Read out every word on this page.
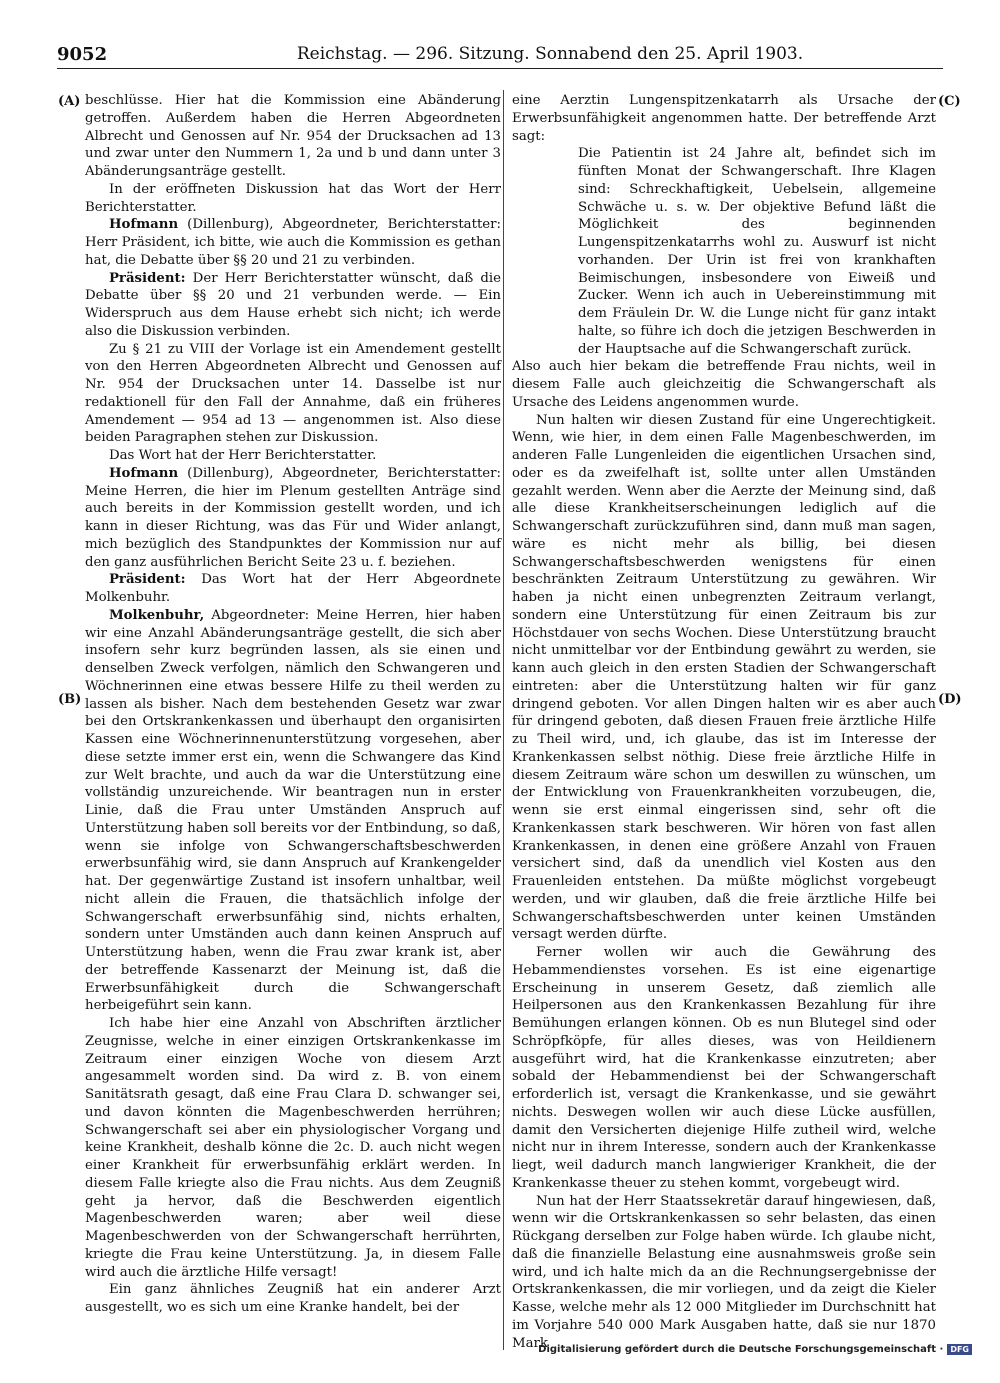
9052	Reichstag. — 296. Sitzung. Sonnabend den 25. April 1903.
(A)	(C)
(B)	(D)

beschlüsse. Hier hat die Kommission eine Abänderung getroffen. Außerdem haben die Herren Abgeordneten Albrecht und Genossen auf Nr. 954 der Drucksachen ad 13 und zwar unter den Nummern 1, 2a und b und dann unter 3 Abänderungsanträge gestellt.

In der eröffneten Diskussion hat das Wort der Herr Berichterstatter.

Hofmann (Dillenburg), Abgeordneter, Berichterstatter: Herr Präsident, ich bitte, wie auch die Kommission es gethan hat, die Debatte über §§ 20 und 21 zu verbinden.

Präsident: Der Herr Berichterstatter wünscht, daß die Debatte über §§ 20 und 21 verbunden werde. — Ein Widerspruch aus dem Hause erhebt sich nicht; ich werde also die Diskussion verbinden.

Zu § 21 zu VIII der Vorlage ist ein Amendement gestellt von den Herren Abgeordneten Albrecht und Genossen auf Nr. 954 der Drucksachen unter 14. Dasselbe ist nur redaktionell für den Fall der Annahme, daß ein früheres Amendement — 954 ad 13 — angenommen ist. Also diese beiden Paragraphen stehen zur Diskussion.

Das Wort hat der Herr Berichterstatter.

Hofmann (Dillenburg), Abgeordneter, Berichterstatter: Meine Herren, die hier im Plenum gestellten Anträge sind auch bereits in der Kommission gestellt worden, und ich kann in dieser Richtung, was das Für und Wider anlangt, mich bezüglich des Standpunktes der Kommission nur auf den ganz ausführlichen Bericht Seite 23 u. f. beziehen.

Präsident: Das Wort hat der Herr Abgeordnete Molkenbuhr.

Molkenbuhr, Abgeordneter: Meine Herren, hier haben wir eine Anzahl Abänderungsanträge gestellt, die sich aber insofern sehr kurz begründen lassen, als sie einen und denselben Zweck verfolgen, nämlich den Schwangeren und Wöchnerinnen eine etwas bessere Hilfe zu theil werden zu lassen als bisher. Nach dem bestehenden Gesetz war zwar bei den Ortskrankenkassen und überhaupt den organisirten Kassen eine Wöchnerinnenunterstützung vorgesehen, aber diese setzte immer erst ein, wenn die Schwangere das Kind zur Welt brachte, und auch da war die Unterstützung eine vollständig unzureichende. Wir beantragen nun in erster Linie, daß die Frau unter Umständen Anspruch auf Unterstützung haben soll bereits vor der Entbindung, so daß, wenn sie infolge von Schwangerschaftsbeschwerden erwerbsunfähig wird, sie dann Anspruch auf Krankengelder hat. Der gegenwärtige Zustand ist insofern unhaltbar, weil nicht allein die Frauen, die thatsächlich infolge der Schwangerschaft erwerbsunfähig sind, nichts erhalten, sondern unter Umständen auch dann keinen Anspruch auf Unterstützung haben, wenn die Frau zwar krank ist, aber der betreffende Kassenarzt der Meinung ist, daß die Erwerbsunfähigkeit durch die Schwangerschaft herbeigeführt sein kann.

Ich habe hier eine Anzahl von Abschriften ärztlicher Zeugnisse, welche in einer einzigen Ortskrankenkasse im Zeitraum einer einzigen Woche von diesem Arzt angesammelt worden sind. Da wird z. B. von einem Sanitätsrath gesagt, daß eine Frau Clara D. schwanger sei, und davon könnten die Magenbeschwerden herrühren; Schwangerschaft sei aber ein physiologischer Vorgang und keine Krankheit, deshalb könne die 2c. D. auch nicht wegen einer Krankheit für erwerbsunfähig erklärt werden. In diesem Falle kriegte also die Frau nichts. Aus dem Zeugniß geht ja hervor, daß die Beschwerden eigentlich Magenbeschwerden waren; aber weil diese Magenbeschwerden von der Schwangerschaft herrührten, kriegte die Frau keine Unterstützung. Ja, in diesem Falle wird auch die ärztliche Hilfe versagt!

Ein ganz ähnliches Zeugniß hat ein anderer Arzt ausgestellt, wo es sich um eine Kranke handelt, bei der

eine Aerztin Lungenspitzenkatarrh als Ursache der Erwerbsunfähigkeit angenommen hatte. Der betreffende Arzt sagt:

Die Patientin ist 24 Jahre alt, befindet sich im fünften Monat der Schwangerschaft. Ihre Klagen sind: Schreckhaftigkeit, Uebelsein, allgemeine Schwäche u. s. w. Der objektive Befund läßt die Möglichkeit des beginnenden Lungenspitzenkatarrhs wohl zu. Auswurf ist nicht vorhanden. Der Urin ist frei von krankhaften Beimischungen, insbesondere von Eiweiß und Zucker. Wenn ich auch in Uebereinstimmung mit dem Fräulein Dr. W. die Lunge nicht für ganz intakt halte, so führe ich doch die jetzigen Beschwerden in der Hauptsache auf die Schwangerschaft zurück.

Also auch hier bekam die betreffende Frau nichts, weil in diesem Falle auch gleichzeitig die Schwangerschaft als Ursache des Leidens angenommen wurde.

Nun halten wir diesen Zustand für eine Ungerechtigkeit. Wenn, wie hier, in dem einen Falle Magenbeschwerden, im anderen Falle Lungenleiden die eigentlichen Ursachen sind, oder es da zweifelhaft ist, sollte unter allen Umständen gezahlt werden. Wenn aber die Aerzte der Meinung sind, daß alle diese Krankheitserscheinungen lediglich auf die Schwangerschaft zurückzuführen sind, dann muß man sagen, wäre es nicht mehr als billig, bei diesen Schwangerschaftsbeschwerden wenigstens für einen beschränkten Zeitraum Unterstützung zu gewähren. Wir haben ja nicht einen unbegrenzten Zeitraum verlangt, sondern eine Unterstützung für einen Zeitraum bis zur Höchstdauer von sechs Wochen. Diese Unterstützung braucht nicht unmittelbar vor der Entbindung gewährt zu werden, sie kann auch gleich in den ersten Stadien der Schwangerschaft eintreten: aber die Unterstützung halten wir für ganz dringend geboten. Vor allen Dingen halten wir es aber auch für dringend geboten, daß diesen Frauen freie ärztliche Hilfe zu Theil wird, und, ich glaube, das ist im Interesse der Krankenkassen selbst nöthig. Diese freie ärztliche Hilfe in diesem Zeitraum wäre schon um deswillen zu wünschen, um der Entwicklung von Frauenkrankheiten vorzubeugen, die, wenn sie erst einmal eingerissen sind, sehr oft die Krankenkassen stark beschweren. Wir hören von fast allen Krankenkassen, in denen eine größere Anzahl von Frauen versichert sind, daß da unendlich viel Kosten aus den Frauenleiden entstehen. Da müßte möglichst vorgebeugt werden, und wir glauben, daß die freie ärztliche Hilfe bei Schwangerschaftsbeschwerden unter keinen Umständen versagt werden dürfte.

Ferner wollen wir auch die Gewährung des Hebammendienstes vorsehen. Es ist eine eigenartige Erscheinung in unserem Gesetz, daß ziemlich alle Heilpersonen aus den Krankenkassen Bezahlung für ihre Bemühungen erlangen können. Ob es nun Blutegel sind oder Schröpfköpfe, für alles dieses, was von Heildienern ausgeführt wird, hat die Krankenkasse einzutreten; aber sobald der Hebammendienst bei der Schwangerschaft erforderlich ist, versagt die Krankenkasse, und sie gewährt nichts. Deswegen wollen wir auch diese Lücke ausfüllen, damit den Versicherten diejenige Hilfe zutheil wird, welche nicht nur in ihrem Interesse, sondern auch der Krankenkasse liegt, weil dadurch manch langwieriger Krankheit, die der Krankenkasse theuer zu stehen kommt, vorgebeugt wird.

Nun hat der Herr Staatssekretär darauf hingewiesen, daß, wenn wir die Ortskrankenkassen so sehr belasten, das einen Rückgang derselben zur Folge haben würde. Ich glaube nicht, daß die finanzielle Belastung eine ausnahmsweis große sein wird, und ich halte mich da an die Rechnungsergebnisse der Ortskrankenkassen, die mir vorliegen, und da zeigt die Kieler Kasse, welche mehr als 12 000 Mitglieder im Durchschnitt hat im Vorjahre 540 000 Mark Ausgaben hatte, daß sie nur 1870 Mark

Digitalisierung gefördert durch die Deutsche Forschungsgemeinschaft · DFG
